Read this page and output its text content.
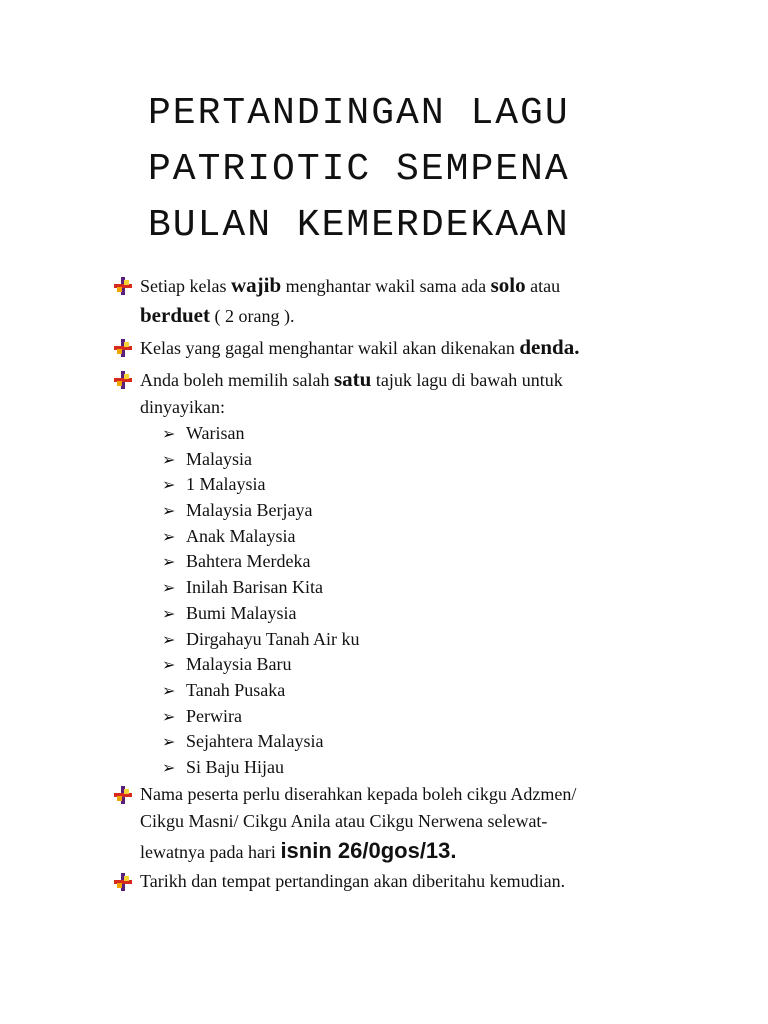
PERTANDINGAN LAGU
PATRIOTIC SEMPENA
BULAN KEMERDEKAAN

Setiap kelas wajib menghantar wakil sama ada solo atau
berduet ( 2 orang ).

Kelas yang gagal menghantar wakil akan dikenakan denda.

Anda boleh memilih salah satu tajuk lagu di bawah untuk
dinyayikan:

➢ Warisan
➢ Malaysia
➢ 1 Malaysia
➢ Malaysia Berjaya
➢ Anak Malaysia
➢ Bahtera Merdeka
➢ Inilah Barisan Kita
➢ Bumi Malaysia
➢ Dirgahayu Tanah Air ku
➢ Malaysia Baru
➢ Tanah Pusaka
➢ Perwira
➢ Sejahtera Malaysia
➢ Si Baju Hijau

Nama peserta perlu diserahkan kepada boleh cikgu Adzmen/
Cikgu Masni/ Cikgu Anila atau Cikgu Nerwena selewat-
lewatnya pada hari isnin 26/0gos/13.

Tarikh dan tempat pertandingan akan diberitahu kemudian.
